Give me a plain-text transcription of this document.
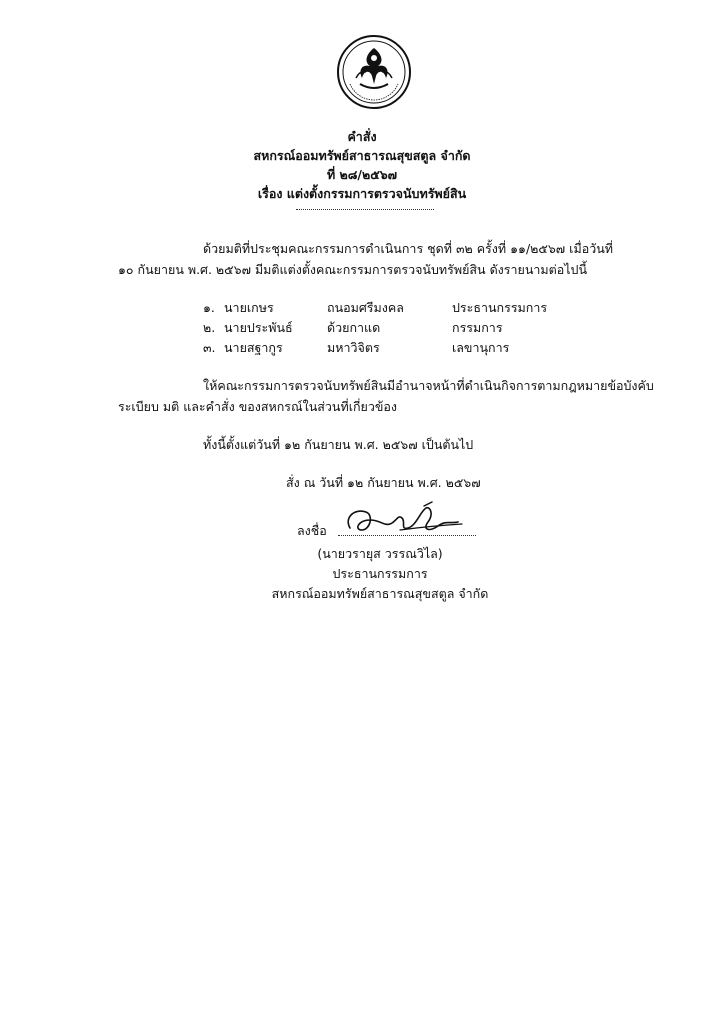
คำสั่ง
สหกรณ์ออมทรัพย์สาธารณสุขสตูล จำกัด
ที่ ๒๘/๒๕๖๗
เรื่อง แต่งตั้งกรรมการตรวจนับทรัพย์สิน
ด้วยมติที่ประชุมคณะกรรมการดำเนินการ ชุดที่ ๓๒ ครั้งที่ ๑๑/๒๕๖๗ เมื่อวันที่
๑๐ กันยายน พ.ศ. ๒๕๖๗ มีมติแต่งตั้งคณะกรรมการตรวจนับทรัพย์สิน ดังรายนามต่อไปนี้
๑. นายเกษร	ถนอมศรีมงคล	ประธานกรรมการ
๒. นายประพันธ์	ด้วยกาแด	กรรมการ
๓. นายสฐากูร	มหาวิจิตร	เลขานุการ
ให้คณะกรรมการตรวจนับทรัพย์สินมีอำนาจหน้าที่ดำเนินกิจการตามกฎหมายข้อบังคับ
ระเบียบ มติ และคำสั่ง ของสหกรณ์ในส่วนที่เกี่ยวข้อง
ทั้งนี้ตั้งแต่วันที่ ๑๒ กันยายน พ.ศ. ๒๕๖๗ เป็นต้นไป
สั่ง ณ วันที่ ๑๒ กันยายน พ.ศ. ๒๕๖๗
ลงชื่อ
(นายวรายุส วรรณวิไล)
ประธานกรรมการ
สหกรณ์ออมทรัพย์สาธารณสุขสตูล จำกัด
